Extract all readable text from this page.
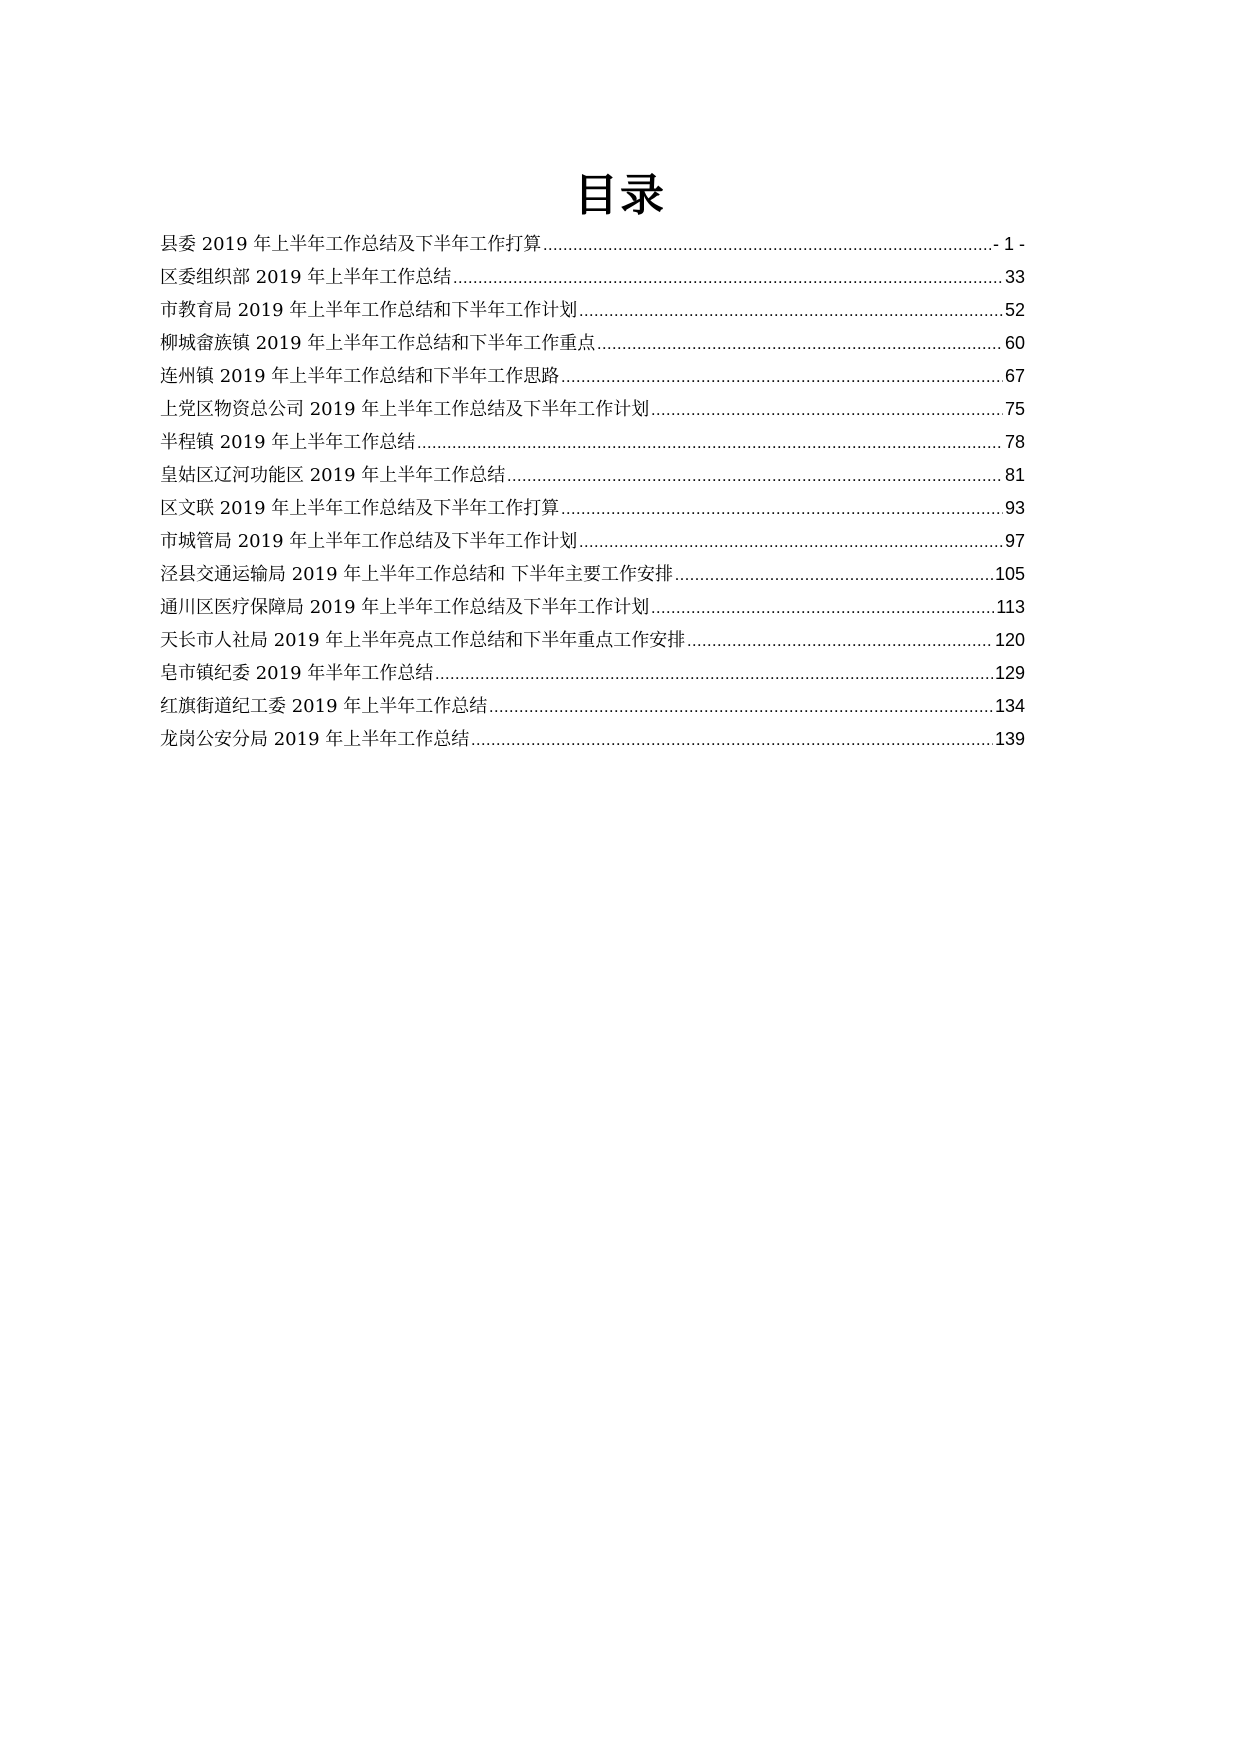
目录
县委 2019 年上半年工作总结及下半年工作打算 .....	- 1 -
区委组织部 2019 年上半年工作总结 .....	33
市教育局 2019 年上半年工作总结和下半年工作计划 .....	52
柳城畲族镇 2019 年上半年工作总结和下半年工作重点 .....	60
连州镇 2019 年上半年工作总结和下半年工作思路 .....	67
上党区物资总公司 2019 年上半年工作总结及下半年工作计划 .....	75
半程镇 2019 年上半年工作总结 .....	78
皇姑区辽河功能区 2019 年上半年工作总结 .....	81
区文联 2019 年上半年工作总结及下半年工作打算 .....	93
市城管局 2019 年上半年工作总结及下半年工作计划 .....	97
泾县交通运输局 2019 年上半年工作总结和 下半年主要工作安排 .....	105
通川区医疗保障局 2019 年上半年工作总结及下半年工作计划 .....	113
天长市人社局 2019 年上半年亮点工作总结和下半年重点工作安排 .....	120
皂市镇纪委 2019 年半年工作总结 .....	129
红旗街道纪工委 2019 年上半年工作总结 .....	134
龙岗公安分局 2019 年上半年工作总结 .....	139
